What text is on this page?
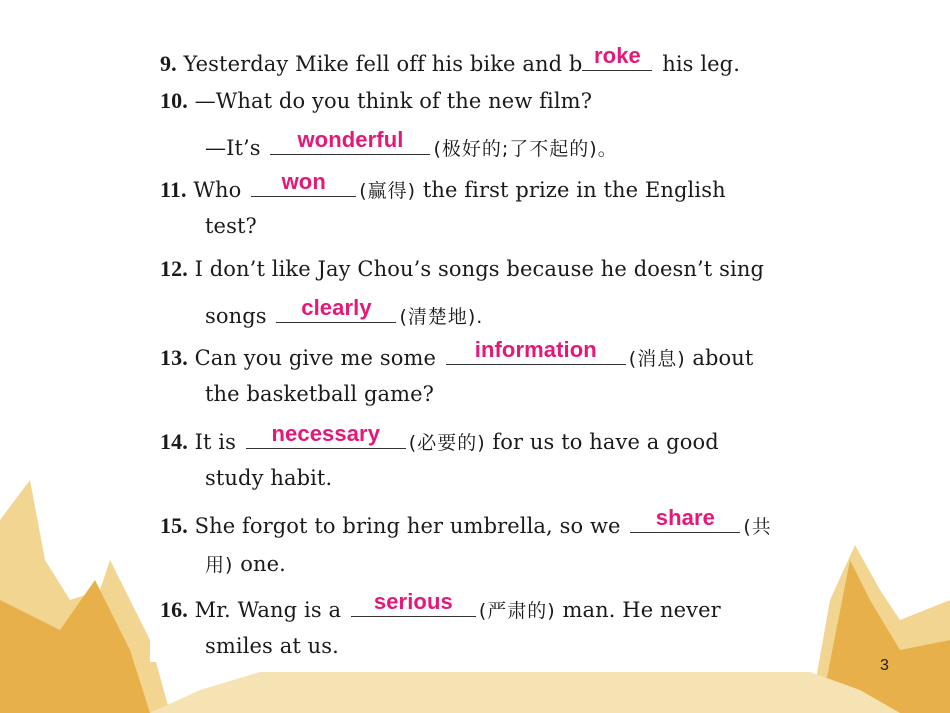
9. Yesterday Mike fell off his bike and b roke	his leg.
10. —What do you think of the new film?
—It’s	wonderful	(极好的;了不起的)。
11. Who	won	(赢得) the first prize in the English
test?
12. I don’t like Jay Chou’s songs because he doesn’t sing
songs	clearly	(清楚地).
13. Can you give me some	information	(消息) about
the basketball game?
14. It is	necessary	(必要的) for us to have a good
study habit.
15. She forgot to bring her umbrella, so we	share	(共
用) one.
16. Mr. Wang is a	serious	(严肃的) man. He never
smiles at us.
3
